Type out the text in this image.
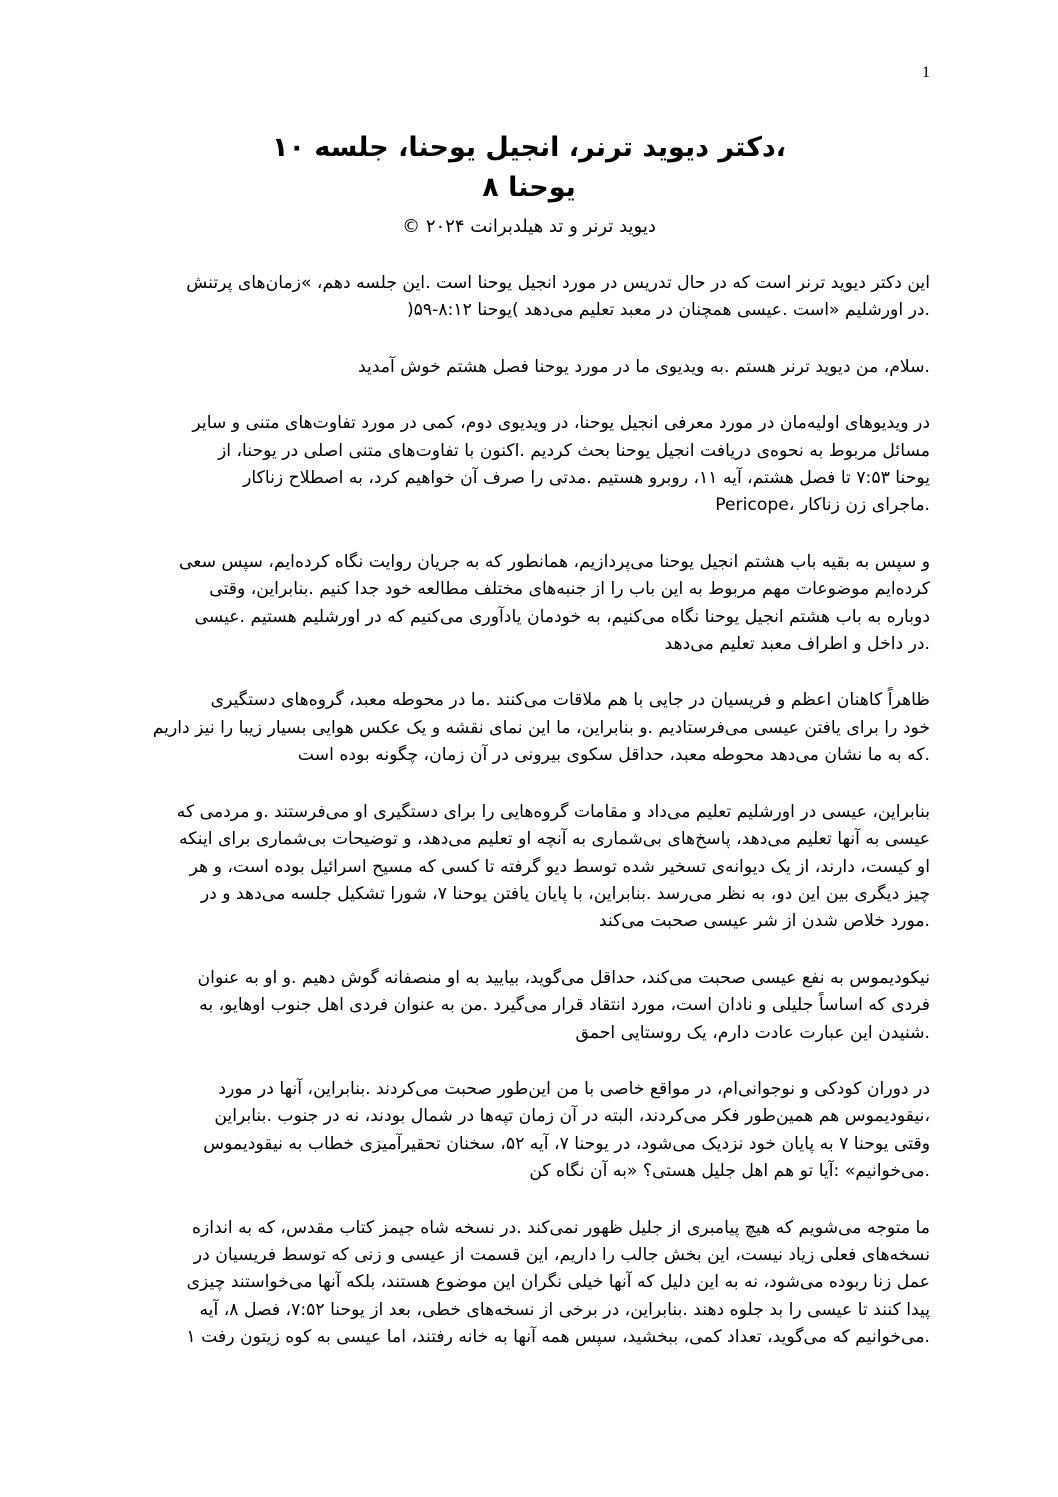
1
،دکتر دیوید ترنر، انجیل یوحنا، جلسه ۱۰
یوحنا ۸
دیوید ترنر و تد هیلدبرانت ۲۰۲۴ ©

این دکتر دیوید ترنر است که در حال تدریس در مورد انجیل یوحنا است .این جلسه دهم، »زمان‌های پرتنش
.در اورشلیم «است .عیسی همچنان در معبد تعلیم می‌دهد )یوحنا ۸:۱۲-۵۹(

.سلام، من دیوید ترنر هستم .به ویدیوی ما در مورد یوحنا فصل هشتم خوش آمدید

در ویدیوهای اولیه‌مان در مورد معرفی انجیل یوحنا، در ویدیوی دوم، کمی در مورد تفاوت‌های متنی و سایر
مسائل مربوط به نحوه‌ی دریافت انجیل یوحنا بحث کردیم .اکنون با تفاوت‌های متنی اصلی در یوحنا، از
یوحنا ۷:۵۳ تا فصل هشتم، آیه ۱۱، روبرو هستیم .مدتی را صرف آن خواهیم کرد، به اصطلاح زناکار
.ماجرای زن زناکار ،Pericope

و سپس به بقیه باب هشتم انجیل یوحنا می‌پردازیم، همانطور که به جریان روایت نگاه کرده‌ایم، سپس سعی
کرده‌ایم موضوعات مهم مربوط به این باب را از جنبه‌های مختلف مطالعه خود جدا کنیم .بنابراین، وقتی
دوباره به باب هشتم انجیل یوحنا نگاه می‌کنیم، به خودمان یادآوری می‌کنیم که در اورشلیم هستیم .عیسی
.در داخل و اطراف معبد تعلیم می‌دهد

ظاهراً کاهنان اعظم و فریسیان در جایی با هم ملاقات می‌کنند .ما در محوطه معبد، گروه‌های دستگیری
خود را برای یافتن عیسی می‌فرستادیم .و بنابراین، ما این نمای نقشه و یک عکس هوایی بسیار زیبا را نیز داریم
.که به ما نشان می‌دهد محوطه معبد، حداقل سکوی بیرونی در آن زمان، چگونه بوده است

بنابراین، عیسی در اورشلیم تعلیم می‌داد و مقامات گروه‌هایی را برای دستگیری او می‌فرستند .و مردمی که
عیسی به آنها تعلیم می‌دهد، پاسخ‌های بی‌شماری به آنچه او تعلیم می‌دهد، و توضیحات بی‌شماری برای اینکه
او کیست، دارند، از یک دیوانه‌ی تسخیر شده توسط دیو گرفته تا کسی که مسیح اسرائیل بوده است، و هر
چیز دیگری بین این دو، به نظر می‌رسد .بنابراین، با پایان یافتن یوحنا ۷، شورا تشکیل جلسه می‌دهد و در
.مورد خلاص شدن از شر عیسی صحبت می‌کند

نیکودیموس به نفع عیسی صحبت می‌کند، حداقل می‌گوید، بیایید به او منصفانه گوش دهیم .و او به عنوان
فردی که اساساً جلیلی و نادان است، مورد انتقاد قرار می‌گیرد .من به عنوان فردی اهل جنوب اوهایو، به
.شنیدن این عبارت عادت دارم، یک روستایی احمق

در دوران کودکی و نوجوانی‌ام، در مواقع خاصی با من این‌طور صحبت می‌کردند .بنابراین، آنها در مورد
،نیقودیموس هم همین‌طور فکر می‌کردند، البته در آن زمان تپه‌ها در شمال بودند، نه در جنوب .بنابراین
وقتی یوحنا ۷ به پایان خود نزدیک می‌شود، در یوحنا ۷، آیه ۵۲، سخنان تحقیرآمیزی خطاب به نیقودیموس
.می‌خوانیم» :آیا تو هم اهل جلیل هستی؟ «به آن نگاه کن

ما متوجه می‌شویم که هیچ پیامبری از جلیل ظهور نمی‌کند .در نسخه شاه جیمز کتاب مقدس، که به اندازه
نسخه‌های فعلی زیاد نیست، این بخش جالب را داریم، این قسمت از عیسی و زنی که توسط فریسیان در
عمل زنا ربوده می‌شود، نه به این دلیل که آنها خیلی نگران این موضوع هستند، بلکه آنها می‌خواستند چیزی
پیدا کنند تا عیسی را بد جلوه دهند .بنابراین، در برخی از نسخه‌های خطی، بعد از یوحنا ۷:۵۲، فصل ۸، آیه
.می‌خوانیم که می‌گوید، تعداد کمی، ببخشید، سپس همه آنها به خانه رفتند، اما عیسی به کوه زیتون رفت ۱
